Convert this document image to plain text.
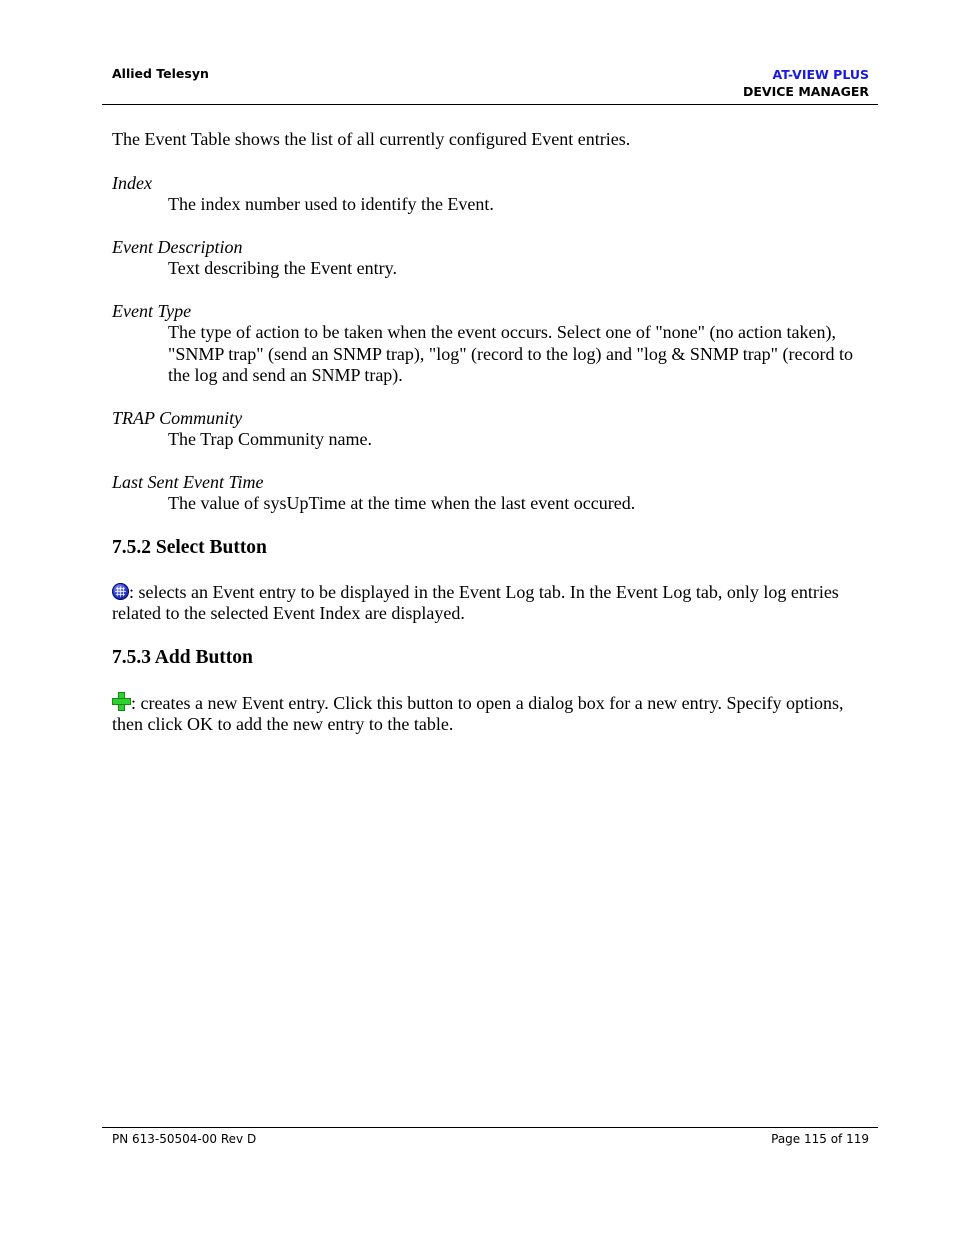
Allied Telesyn	AT-VIEW PLUS
DEVICE MANAGER

The Event Table shows the list of all currently configured Event entries.

Index

The index number used to identify the Event.

Event Description

Text describing the Event entry.

Event Type

The type of action to be taken when the event occurs. Select one of "none" (no action taken), "SNMP trap" (send an SNMP trap), "log" (record to the log) and "log & SNMP trap" (record to the log and send an SNMP trap).

TRAP Community

The Trap Community name.

Last Sent Event Time

The value of sysUpTime at the time when the last event occured.

7.5.2 Select Button

: selects an Event entry to be displayed in the Event Log tab. In the Event Log tab, only log entries related to the selected Event Index are displayed.

7.5.3 Add Button

: creates a new Event entry. Click this button to open a dialog box for a new entry. Specify options, then click OK to add the new entry to the table.

PN 613-50504-00 Rev D	Page 115 of 119
